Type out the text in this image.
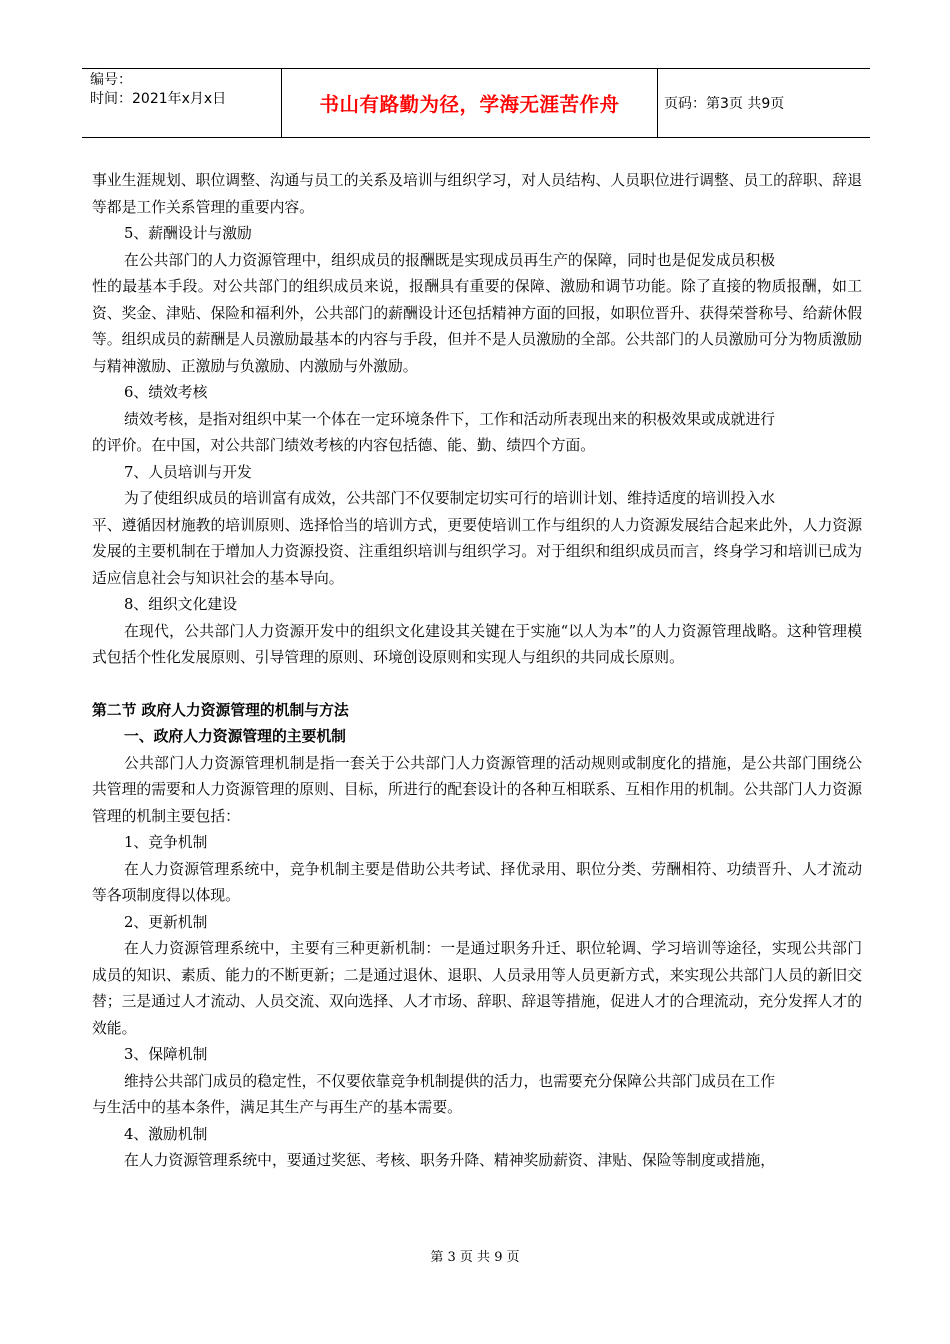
编号：
时间：2021年x月x日	书山有路勤为径，学海无涯苦作舟	页码：第3页 共9页

事业生涯规划、职位调整、沟通与员工的关系及培训与组织学习，对人员结构、人员职位进行调整、员工的辞职、辞退等都是工作关系管理的重要内容。

5、薪酬设计与激励

在公共部门的人力资源管理中，组织成员的报酬既是实现成员再生产的保障，同时也是促发成员积极

性的最基本手段。对公共部门的组织成员来说，报酬具有重要的保障、激励和调节功能。除了直接的物质报酬，如工资、奖金、津贴、保险和福利外，公共部门的薪酬设计还包括精神方面的回报，如职位晋升、获得荣誉称号、给薪休假等。组织成员的薪酬是人员激励最基本的内容与手段，但并不是人员激励的全部。公共部门的人员激励可分为物质激励与精神激励、正激励与负激励、内激励与外激励。

6、绩效考核

绩效考核，是指对组织中某一个体在一定环境条件下，工作和活动所表现出来的积极效果或成就进行

的评价。在中国，对公共部门绩效考核的内容包括德、能、勤、绩四个方面。

7、人员培训与开发

为了使组织成员的培训富有成效，公共部门不仅要制定切实可行的培训计划、维持适度的培训投入水

平、遵循因材施教的培训原则、选择恰当的培训方式，更要使培训工作与组织的人力资源发展结合起来此外，人力资源发展的主要机制在于增加人力资源投资、注重组织培训与组织学习。对于组织和组织成员而言，终身学习和培训已成为适应信息社会与知识社会的基本导向。

8、组织文化建设

在现代，公共部门人力资源开发中的组织文化建设其关键在于实施“以人为本”的人力资源管理战略。这种管理模式包括个性化发展原则、引导管理的原则、环境创设原则和实现人与组织的共同成长原则。

第二节 政府人力资源管理的机制与方法

一、政府人力资源管理的主要机制

公共部门人力资源管理机制是指一套关于公共部门人力资源管理的活动规则或制度化的措施，是公共部门围绕公共管理的需要和人力资源管理的原则、目标，所进行的配套设计的各种互相联系、互相作用的机制。公共部门人力资源管理的机制主要包括：

1、竞争机制

在人力资源管理系统中，竞争机制主要是借助公共考试、择优录用、职位分类、劳酬相符、功绩晋升、人才流动等各项制度得以体现。

2、更新机制

在人力资源管理系统中，主要有三种更新机制：一是通过职务升迁、职位轮调、学习培训等途径，实现公共部门成员的知识、素质、能力的不断更新；二是通过退休、退职、人员录用等人员更新方式，来实现公共部门人员的新旧交替；三是通过人才流动、人员交流、双向选择、人才市场、辞职、辞退等措施，促进人才的合理流动，充分发挥人才的效能。

3、保障机制

维持公共部门成员的稳定性，不仅要依靠竞争机制提供的活力，也需要充分保障公共部门成员在工作

与生活中的基本条件，满足其生产与再生产的基本需要。

4、激励机制

在人力资源管理系统中，要通过奖惩、考核、职务升降、精神奖励薪资、津贴、保险等制度或措施，

第 3 页 共 9 页
